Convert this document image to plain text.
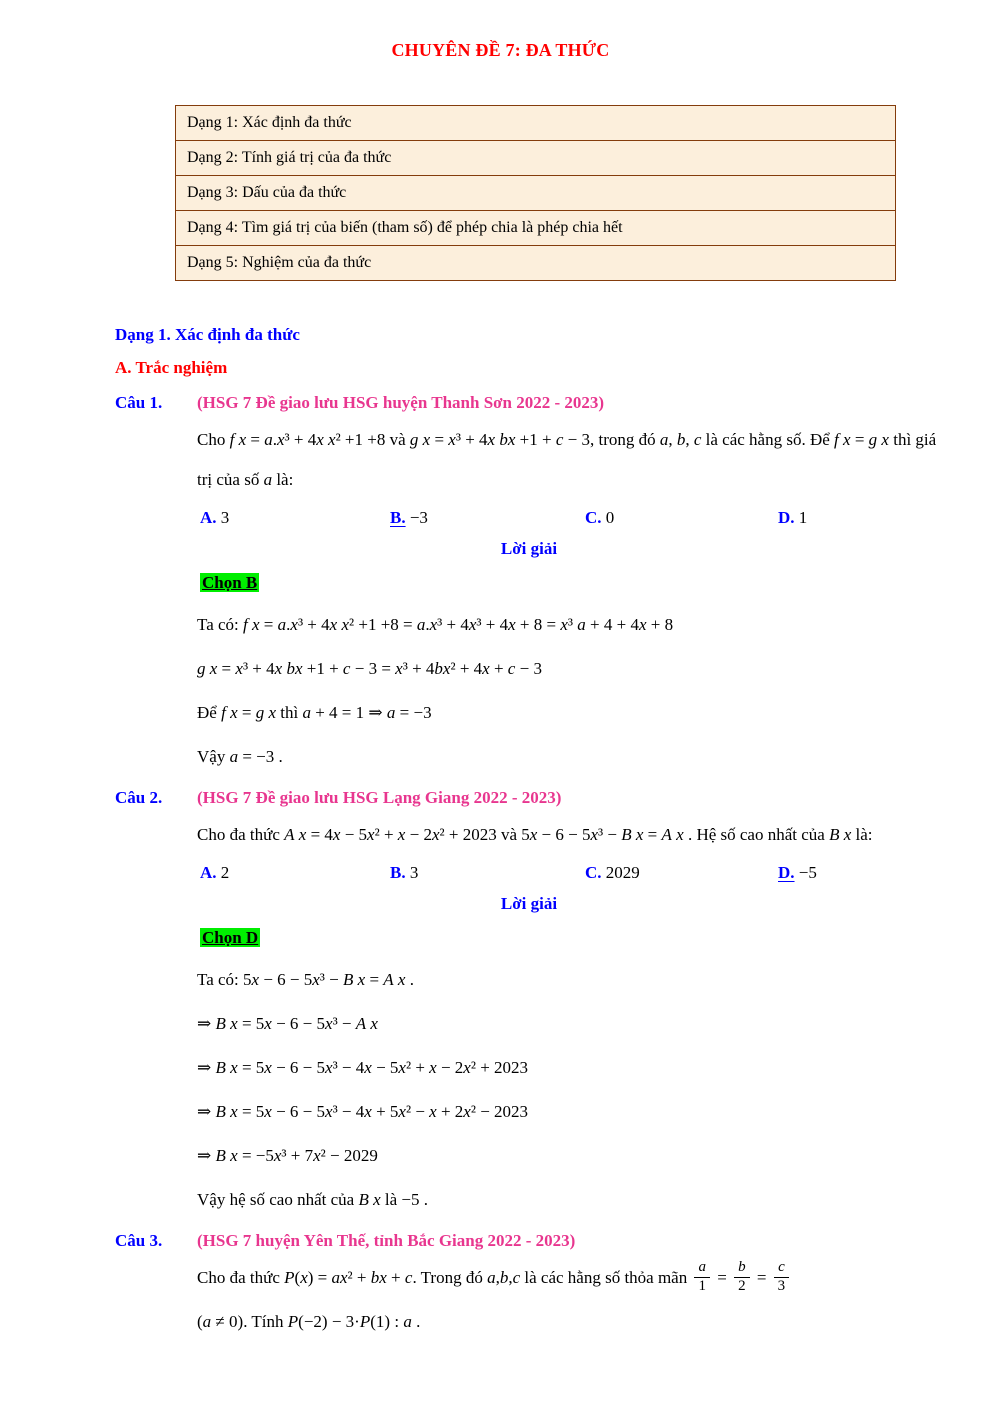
CHUYÊN ĐỀ 7: ĐA THỨC
Dạng 1: Xác định đa thức
Dạng 2: Tính giá trị của đa thức
Dạng 3: Dấu của đa thức
Dạng 4: Tìm giá trị của biến (tham số) để phép chia là phép chia hết
Dạng 5: Nghiệm của đa thức
Dạng 1. Xác định đa thức
A. Trắc nghiệm
Câu 1. (HSG 7 Đề giao lưu HSG huyện Thanh Sơn 2022 - 2023)

Cho f x = a.x³ + 4x x² +1 +8 và g x = x³ + 4x bx +1 + c − 3, trong đó a, b, c là các hằng số. Để f x = g x thì giá trị của số a là:

A. 3	B. −3	C. 0	D. 1

Lời giải

Chọn B

Ta có: f x = a.x³ + 4x x² +1 +8 = a.x³ + 4x³ + 4x + 8 = x³ a + 4 + 4x + 8

g x = x³ + 4x bx +1 + c − 3 = x³ + 4bx² + 4x + c − 3

Để f x = g x thì a + 4 = 1 ⇒ a = −3

Vậy a = −3 .

Câu 2. (HSG 7 Đề giao lưu HSG Lạng Giang 2022 - 2023)

Cho đa thức A x = 4x − 5x² + x − 2x² + 2023 và 5x − 6 − 5x³ − B x = A x . Hệ số cao nhất của B x là:

A. 2	B. 3	C. 2029	D. −5

Lời giải

Chọn D

Ta có: 5x − 6 − 5x³ − B x = A x .

⇒ B x = 5x − 6 − 5x³ − A x

⇒ B x = 5x − 6 − 5x³ − 4x − 5x² + x − 2x² + 2023

⇒ B x = 5x − 6 − 5x³ − 4x + 5x² − x + 2x² − 2023

⇒ B x = −5x³ + 7x² − 2029

Vậy hệ số cao nhất của B x là −5 .

Câu 3. (HSG 7 huyện Yên Thế, tỉnh Bắc Giang 2022 - 2023)

Cho đa thức P(x) = ax² + bx + c. Trong đó a,b,c là các hằng số thỏa mãn $\frac{a}{1} = \frac{b}{2} = \frac{c}{3}$

(a ≠ 0). Tính P(−2) − 3·P(1) : a .
